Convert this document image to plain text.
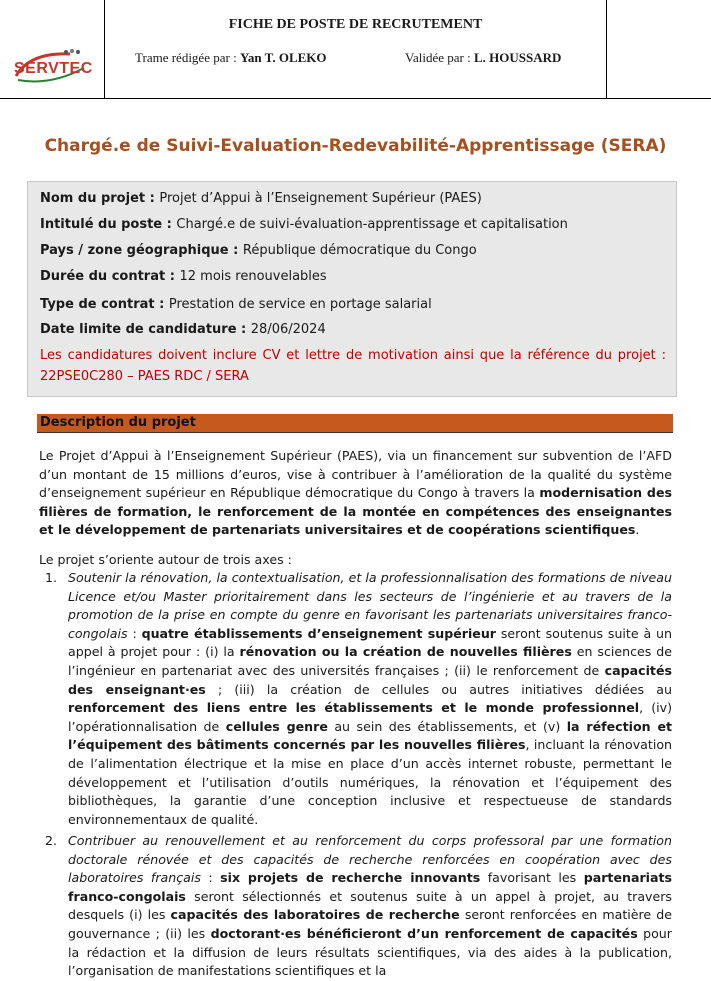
SERVTEC
FICHE DE POSTE DE RECRUTEMENT
Trame rédigée par : Yan T. OLEKO	Validée par : L. HOUSSARD
Chargé.e de Suivi-Evaluation-Redevabilité-Apprentissage (SERA)
Nom du projet : Projet d’Appui à l’Enseignement Supérieur (PAES)
Intitulé du poste : Chargé.e de suivi-évaluation-apprentissage et capitalisation
Pays / zone géographique : République démocratique du Congo
Durée du contrat : 12 mois renouvelables
Type de contrat : Prestation de service en portage salarial
Date limite de candidature : 28/06/2024
Les candidatures doivent inclure CV et lettre de motivation ainsi que la référence du projet :
22PSE0C280 – PAES RDC / SERA
Description du projet
Le Projet d’Appui à l’Enseignement Supérieur (PAES), via un financement sur subvention de l’AFD d’un montant de 15 millions d’euros, vise à contribuer à l’amélioration de la qualité du système d’enseignement supérieur en République démocratique du Congo à travers la modernisation des filières de formation, le renforcement de la montée en compétences des enseignantes et le développement de partenariats universitaires et de coopérations scientifiques.
Le projet s’oriente autour de trois axes :
1. Soutenir la rénovation, la contextualisation, et la professionnalisation des formations de niveau Licence et/ou Master prioritairement dans les secteurs de l’ingénierie et au travers de la promotion de la prise en compte du genre en favorisant les partenariats universitaires franco-congolais : quatre établissements d’enseignement supérieur seront soutenus suite à un appel à projet pour : (i) la rénovation ou la création de nouvelles filières en sciences de l’ingénieur en partenariat avec des universités françaises ; (ii) le renforcement de capacités des enseignant·es ; (iii) la création de cellules ou autres initiatives dédiées au renforcement des liens entre les établissements et le monde professionnel, (iv) l’opérationnalisation de cellules genre au sein des établissements, et (v) la réfection et l’équipement des bâtiments concernés par les nouvelles filières, incluant la rénovation de l’alimentation électrique et la mise en place d’un accès internet robuste, permettant le développement et l’utilisation d’outils numériques, la rénovation et l’équipement des bibliothèques, la garantie d’une conception inclusive et respectueuse de standards environnementaux de qualité.
2. Contribuer au renouvellement et au renforcement du corps professoral par une formation doctorale rénovée et des capacités de recherche renforcées en coopération avec des laboratoires français : six projets de recherche innovants favorisant les partenariats franco-congolais seront sélectionnés et soutenus suite à un appel à projet, au travers desquels (i) les capacités des laboratoires de recherche seront renforcées en matière de gouvernance ; (ii) les doctorant·es bénéficieront d’un renforcement de capacités pour la rédaction et la diffusion de leurs résultats scientifiques, via des aides à la publication, l’organisation de manifestations scientifiques et la
